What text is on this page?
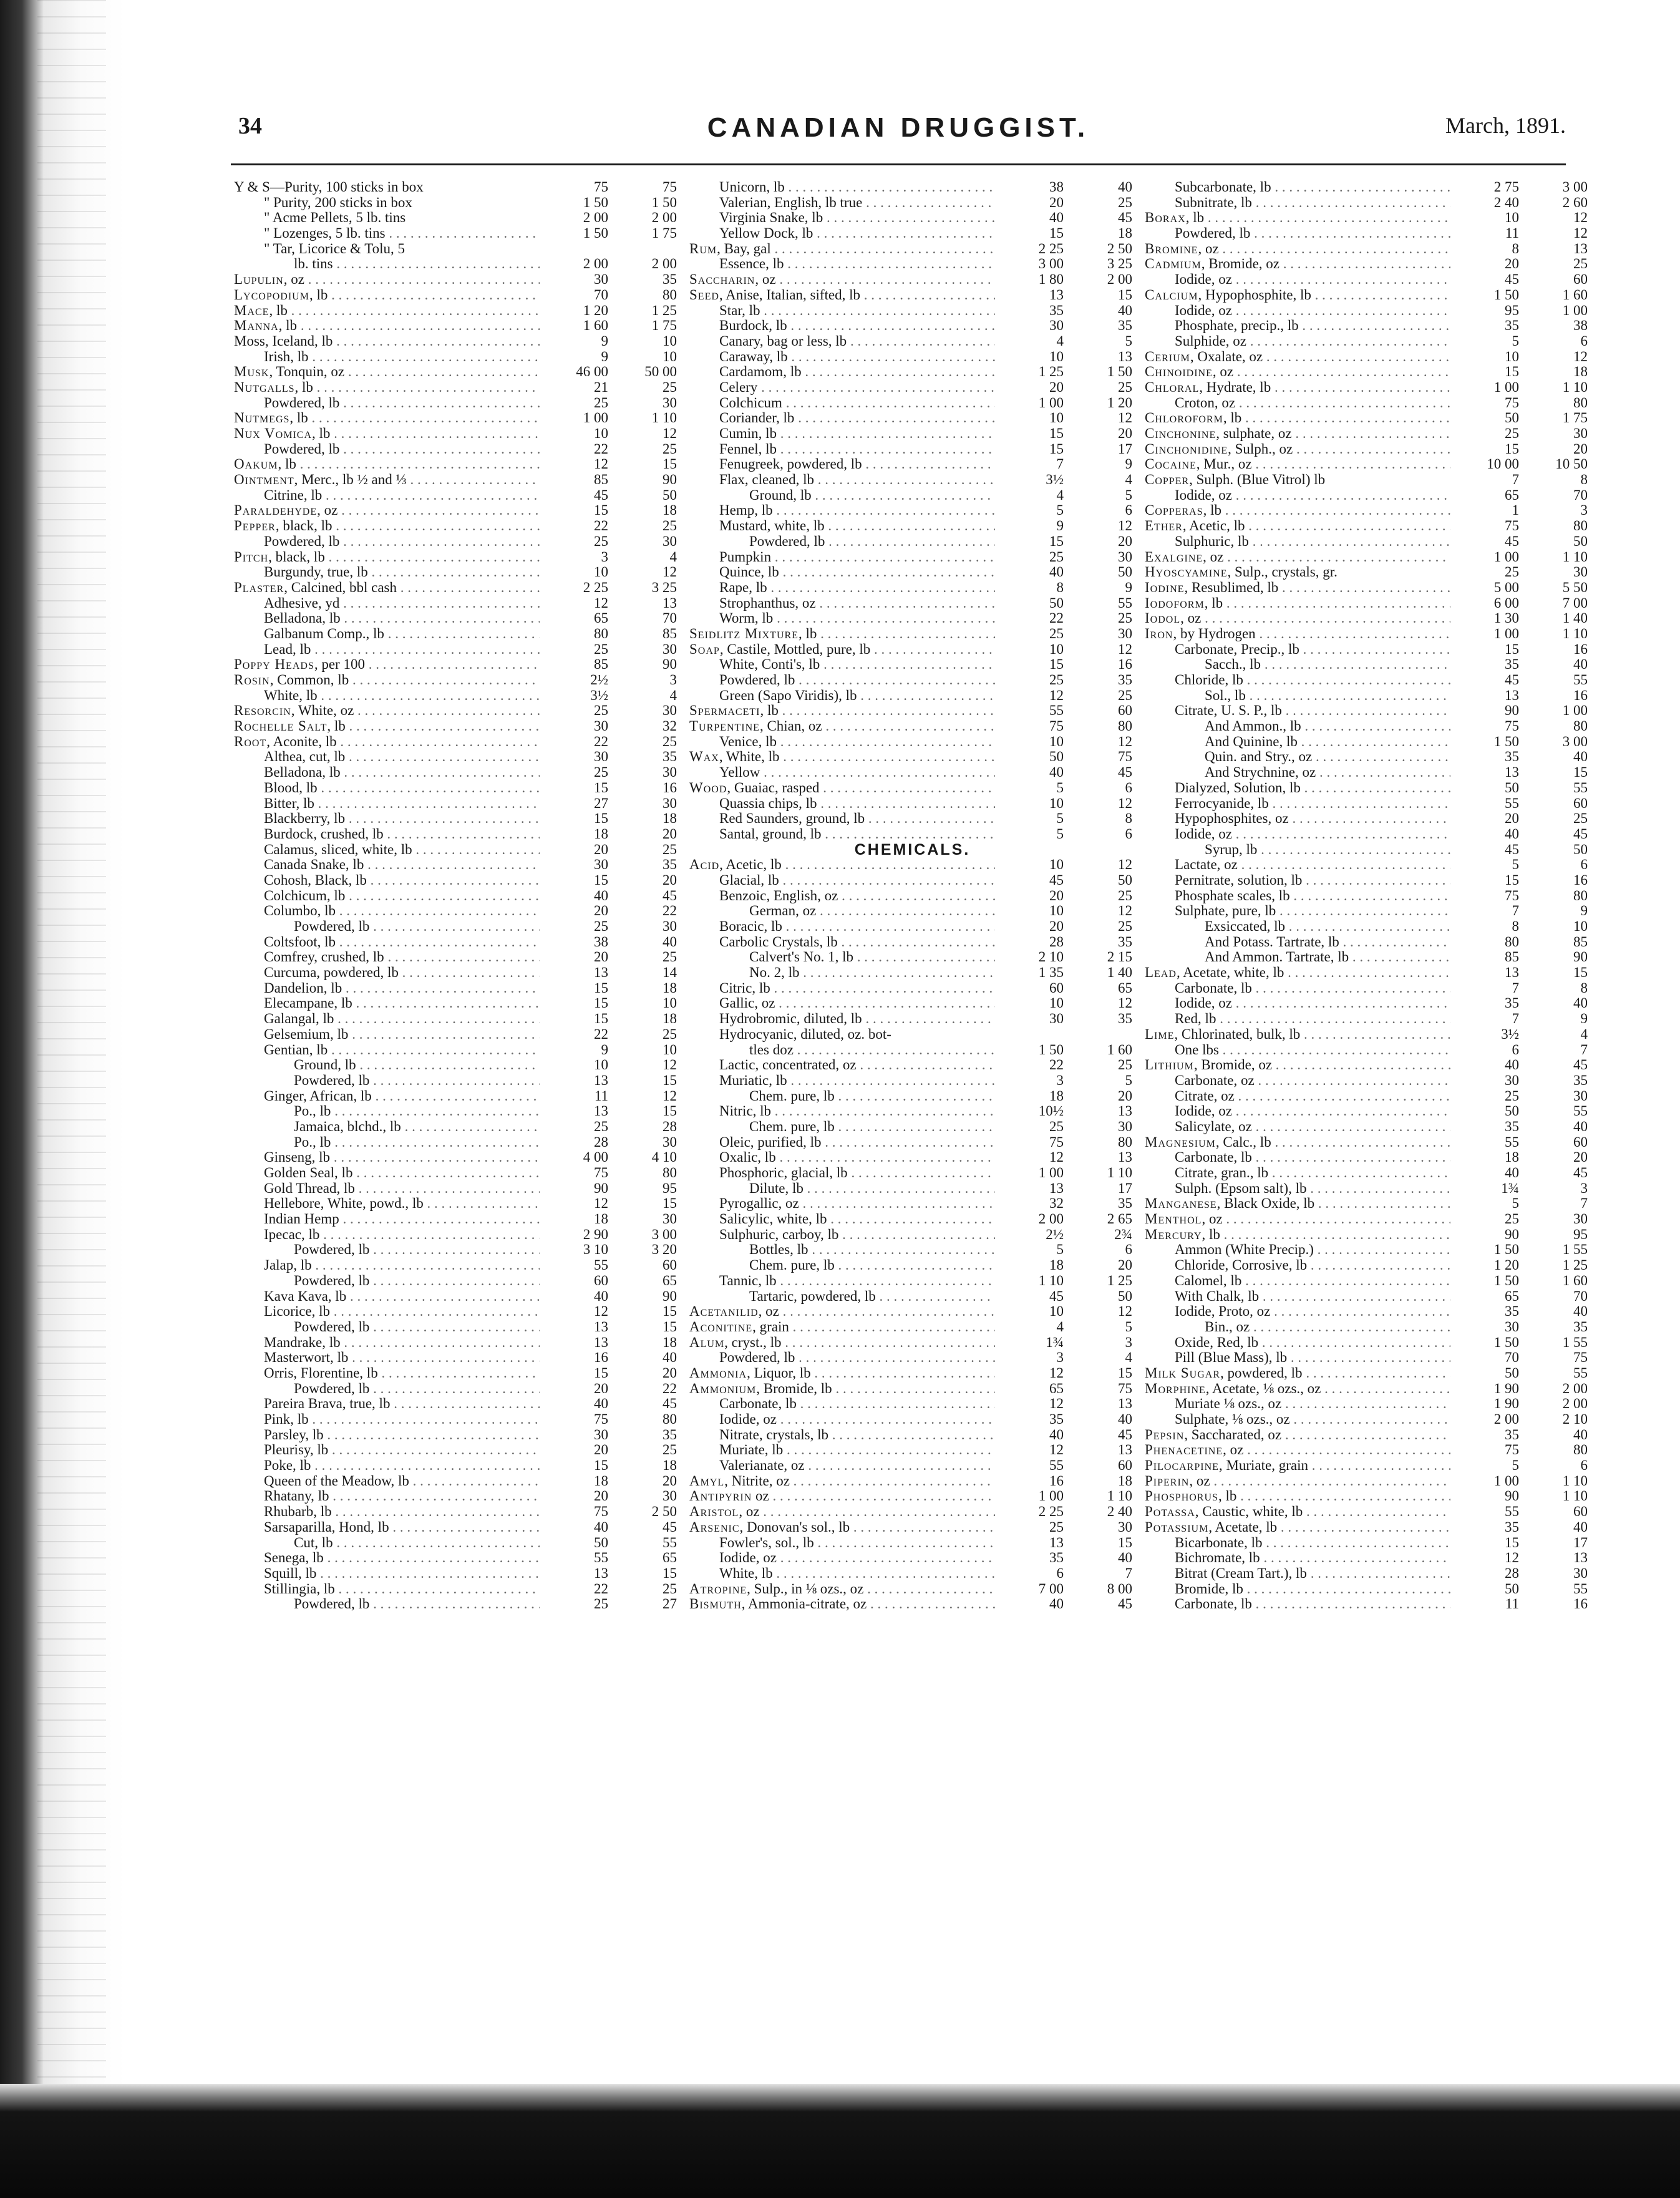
34	CANADIAN DRUGGIST.	March, 1891.
Y & S—Purity, 100 sticks in box	75	75
" Purity, 200 sticks in box	1 50	1 50
" Acme Pellets, 5 lb. tins	2 00	2 00
" Lozenges, 5 lb. tins . . .	1 50	1 75
" Tar, Licorice & Tolu, 5
lb. tins . . .	2 00	2 00
Lupulin, oz . . .	30	35
Lycopodium, lb . . .	70	80
Mace, lb . . .	1 20	1 25
Manna, lb . . .	1 60	1 75
Moss, Iceland, lb . . .	9	10
Irish, lb . . .	9	10
Musk, Tonquin, oz . . .	46 00	50 00
Nutgalls, lb . . .	21	25
Powdered, lb . . .	25	30
Nutmegs, lb . . .	1 00	1 10
Nux Vomica, lb . . .	10	12
Powdered, lb . . .	22	25
Oakum, lb . . .	12	15
Ointment, Merc., lb ½ and ⅓ . . .	85	90
Citrine, lb . . .	45	50
Paraldehyde, oz . . .	15	18
Pepper, black, lb . . .	22	25
Powdered, lb . . .	25	30
Pitch, black, lb . . .	3	4
Burgundy, true, lb . . .	10	12
Plaster, Calcined, bbl cash . . .	2 25	3 25
Adhesive, yd . . .	12	13
Belladona, lb . . .	65	70
Galbanum Comp., lb . . .	80	85
Lead, lb . . .	25	30
Poppy Heads, per 100 . . .	85	90
Rosin, Common, lb . . .	2½	3
White, lb . . .	3½	4
Resorcin, White, oz . . .	25	30
Rochelle Salt, lb . . .	30	32
Root, Aconite, lb . . .	22	25
Althea, cut, lb . . .	30	35
Belladona, lb . . .	25	30
Blood, lb . . .	15	16
Bitter, lb . . .	27	30
Blackberry, lb . . .	15	18
Burdock, crushed, lb . . .	18	20
Calamus, sliced, white, lb . . .	20	25
Canada Snake, lb . . .	30	35
Cohosh, Black, lb . . .	15	20
Colchicum, lb . . .	40	45
Columbo, lb . . .	20	22
Powdered, lb . . .	25	30
Coltsfoot, lb . . .	38	40
Comfrey, crushed, lb . . .	20	25
Curcuma, powdered, lb . . .	13	14
Dandelion, lb . . .	15	18
Elecampane, lb . . .	15	10
Galangal, lb . . .	15	18
Gelsemium, lb . . .	22	25
Gentian, lb . . .	9	10
Ground, lb . . .	10	12
Powdered, lb . . .	13	15
Ginger, African, lb . . .	11	12
Po., lb . . .	13	15
Jamaica, blchd., lb . . .	25	28
Po., lb . . .	28	30
Ginseng, lb . . .	4 00	4 10
Golden Seal, lb . . .	75	80
Gold Thread, lb . . .	90	95
Hellebore, White, powd., lb . . .	12	15
Indian Hemp . . .	18	30
Ipecac, lb . . .	2 90	3 00
Powdered, lb . . .	3 10	3 20
Jalap, lb . . .	55	60
Powdered, lb . . .	60	65
Kava Kava, lb . . .	40	90
Licorice, lb . . .	12	15
Powdered, lb . . .	13	15
Mandrake, lb . . .	13	18
Masterwort, lb . . .	16	40
Orris, Florentine, lb . . .	15	20
Powdered, lb . . .	20	22
Pareira Brava, true, lb . . .	40	45
Pink, lb . . .	75	80
Parsley, lb . . .	30	35
Pleurisy, lb . . .	20	25
Poke, lb . . .	15	18
Queen of the Meadow, lb . . .	18	20
Rhatany, lb . . .	20	30
Rhubarb, lb . . .	75	2 50
Sarsaparilla, Hond, lb . . .	40	45
Cut, lb . . .	50	55
Senega, lb . . .	55	65
Squill, lb . . .	13	15
Stillingia, lb . . .	22	25
Powdered, lb . . .	25	27
Unicorn, lb . . .	38	40
Valerian, English, lb true . . .	20	25
Virginia Snake, lb . . .	40	45
Yellow Dock, lb . . .	15	18
Rum, Bay, gal . . .	2 25	2 50
Essence, lb . . .	3 00	3 25
Saccharin, oz . . .	1 80	2 00
Seed, Anise, Italian, sifted, lb . . .	13	15
Star, lb . . .	35	40
Burdock, lb . . .	30	35
Canary, bag or less, lb . . .	4	5
Caraway, lb . . .	10	13
Cardamom, lb . . .	1 25	1 50
Celery . . .	20	25
Colchicum . . .	1 00	1 20
Coriander, lb . . .	10	12
Cumin, lb . . .	15	20
Fennel, lb . . .	15	17
Fenugreek, powdered, lb . . .	7	9
Flax, cleaned, lb . . .	3½	4
Ground, lb . . .	4	5
Hemp, lb . . .	5	6
Mustard, white, lb . . .	9	12
Powdered, lb . . .	15	20
Pumpkin . . .	25	30
Quince, lb . . .	40	50
Rape, lb . . .	8	9
Strophanthus, oz . . .	50	55
Worm, lb . . .	22	25
Seidlitz Mixture, lb . . .	25	30
Soap, Castile, Mottled, pure, lb . . .	10	12
White, Conti's, lb . . .	15	16
Powdered, lb . . .	25	35
Green (Sapo Viridis), lb . . .	12	25
Spermaceti, lb . . .	55	60
Turpentine, Chian, oz . . .	75	80
Venice, lb . . .	10	12
Wax, White, lb . . .	50	75
Yellow . . .	40	45
Wood, Guaiac, rasped . . .	5	6
Quassia chips, lb . . .	10	12
Red Saunders, ground, lb . . .	5	8
Santal, ground, lb . . .	5	6
CHEMICALS.
Acid, Acetic, lb . . .	10	12
Glacial, lb . . .	45	50
Benzoic, English, oz . . .	20	25
German, oz . . .	10	12
Boracic, lb . . .	20	25
Carbolic Crystals, lb . . .	28	35
Calvert's No. 1, lb . . .	2 10	2 15
No. 2, lb . . .	1 35	1 40
Citric, lb . . .	60	65
Gallic, oz . . .	10	12
Hydrobromic, diluted, lb . . .	30	35
Hydrocyanic, diluted, oz. bot-
tles doz . . .	1 50	1 60
Lactic, concentrated, oz . . .	22	25
Muriatic, lb . . .	3	5
Chem. pure, lb . . .	18	20
Nitric, lb . . .	10½	13
Chem. pure, lb . . .	25	30
Oleic, purified, lb . . .	75	80
Oxalic, lb . . .	12	13
Phosphoric, glacial, lb . . .	1 00	1 10
Dilute, lb . . .	13	17
Pyrogallic, oz . . .	32	35
Salicylic, white, lb . . .	2 00	2 65
Sulphuric, carboy, lb . . .	2½	2¾
Bottles, lb . . .	5	6
Chem. pure, lb . . .	18	20
Tannic, lb . . .	1 10	1 25
Tartaric, powdered, lb . . .	45	50
Acetanilid, oz . . .	10	12
Aconitine, grain . . .	4	5
Alum, cryst., lb . . .	1¾	3
Powdered, lb . . .	3	4
Ammonia, Liquor, lb . . .	12	15
Ammonium, Bromide, lb . . .	65	75
Carbonate, lb . . .	12	13
Iodide, oz . . .	35	40
Nitrate, crystals, lb . . .	40	45
Muriate, lb . . .	12	13
Valerianate, oz . . .	55	60
Amyl, Nitrite, oz . . .	16	18
Antipyrin oz . . .	1 00	1 10
Aristol, oz . . .	2 25	2 40
Arsenic, Donovan's sol., lb . . .	25	30
Fowler's, sol., lb . . .	13	15
Iodide, oz . . .	35	40
White, lb . . .	6	7
Atropine, Sulp., in ⅛ ozs., oz . . .	7 00	8 00
Bismuth, Ammonia-citrate, oz . . .	40	45
Subcarbonate, lb . . .	2 75	3 00
Subnitrate, lb . . .	2 40	2 60
Borax, lb . . .	10	12
Powdered, lb . . .	11	12
Bromine, oz . . .	8	13
Cadmium, Bromide, oz . . .	20	25
Iodide, oz . . .	45	60
Calcium, Hypophosphite, lb . . .	1 50	1 60
Iodide, oz . . .	95	1 00
Phosphate, precip., lb . . .	35	38
Sulphide, oz . . .	5	6
Cerium, Oxalate, oz . . .	10	12
Chinoidine, oz . . .	15	18
Chloral, Hydrate, lb . . .	1 00	1 10
Croton, oz . . .	75	80
Chloroform, lb . . .	50	1 75
Cinchonine, sulphate, oz . . .	25	30
Cinchonidine, Sulph., oz . . .	15	20
Cocaine, Mur., oz . . .	10 00	10 50
Copper, Sulph. (Blue Vitrol) lb	7	8
Iodide, oz . . .	65	70
Copperas, lb . . .	1	3
Ether, Acetic, lb . . .	75	80
Sulphuric, lb . . .	45	50
Exalgine, oz . . .	1 00	1 10
Hyoscyamine, Sulp., crystals, gr.	25	30
Iodine, Resublimed, lb . . .	5 00	5 50
Iodoform, lb . . .	6 00	7 00
Iodol, oz . . .	1 30	1 40
Iron, by Hydrogen . . .	1 00	1 10
Carbonate, Precip., lb . . .	15	16
Sacch., lb . . .	35	40
Chloride, lb . . .	45	55
Sol., lb . . .	13	16
Citrate, U. S. P., lb . . .	90	1 00
And Ammon., lb . . .	75	80
And Quinine, lb . . .	1 50	3 00
Quin. and Stry., oz . . .	35	40
And Strychnine, oz . . .	13	15
Dialyzed, Solution, lb . . .	50	55
Ferrocyanide, lb . . .	55	60
Hypophosphites, oz . . .	20	25
Iodide, oz . . .	40	45
Syrup, lb . . .	45	50
Lactate, oz . . .	5	6
Pernitrate, solution, lb . . .	15	16
Phosphate scales, lb . . .	75	80
Sulphate, pure, lb . . .	7	9
Exsiccated, lb . . .	8	10
And Potass. Tartrate, lb . . .	80	85
And Ammon. Tartrate, lb . . .	85	90
Lead, Acetate, white, lb . . .	13	15
Carbonate, lb . . .	7	8
Iodide, oz . . .	35	40
Red, lb . . .	7	9
Lime, Chlorinated, bulk, lb . . .	3½	4
One lbs . . .	6	7
Lithium, Bromide, oz . . .	40	45
Carbonate, oz . . .	30	35
Citrate, oz . . .	25	30
Iodide, oz . . .	50	55
Salicylate, oz . . .	35	40
Magnesium, Calc., lb . . .	55	60
Carbonate, lb . . .	18	20
Citrate, gran., lb . . .	40	45
Sulph. (Epsom salt), lb . . .	1¾	3
Manganese, Black Oxide, lb . . .	5	7
Menthol, oz . . .	25	30
Mercury, lb . . .	90	95
Ammon (White Precip.) . . .	1 50	1 55
Chloride, Corrosive, lb . . .	1 20	1 25
Calomel, lb . . .	1 50	1 60
With Chalk, lb . . .	65	70
Iodide, Proto, oz . . .	35	40
Bin., oz . . .	30	35
Oxide, Red, lb . . .	1 50	1 55
Pill (Blue Mass), lb . . .	70	75
Milk Sugar, powdered, lb . . .	50	55
Morphine, Acetate, ⅛ ozs., oz . . .	1 90	2 00
Muriate ⅛ ozs., oz . . .	1 90	2 00
Sulphate, ⅛ ozs., oz . . .	2 00	2 10
Pepsin, Saccharated, oz . . .	35	40
Phenacetine, oz . . .	75	80
Pilocarpine, Muriate, grain . . .	5	6
Piperin, oz . . .	1 00	1 10
Phosphorus, lb . . .	90	1 10
Potassa, Caustic, white, lb . . .	55	60
Potassium, Acetate, lb . . .	35	40
Bicarbonate, lb . . .	15	17
Bichromate, lb . . .	12	13
Bitrat (Cream Tart.), lb . . .	28	30
Bromide, lb . . .	50	55
Carbonate, lb . . .	11	16
